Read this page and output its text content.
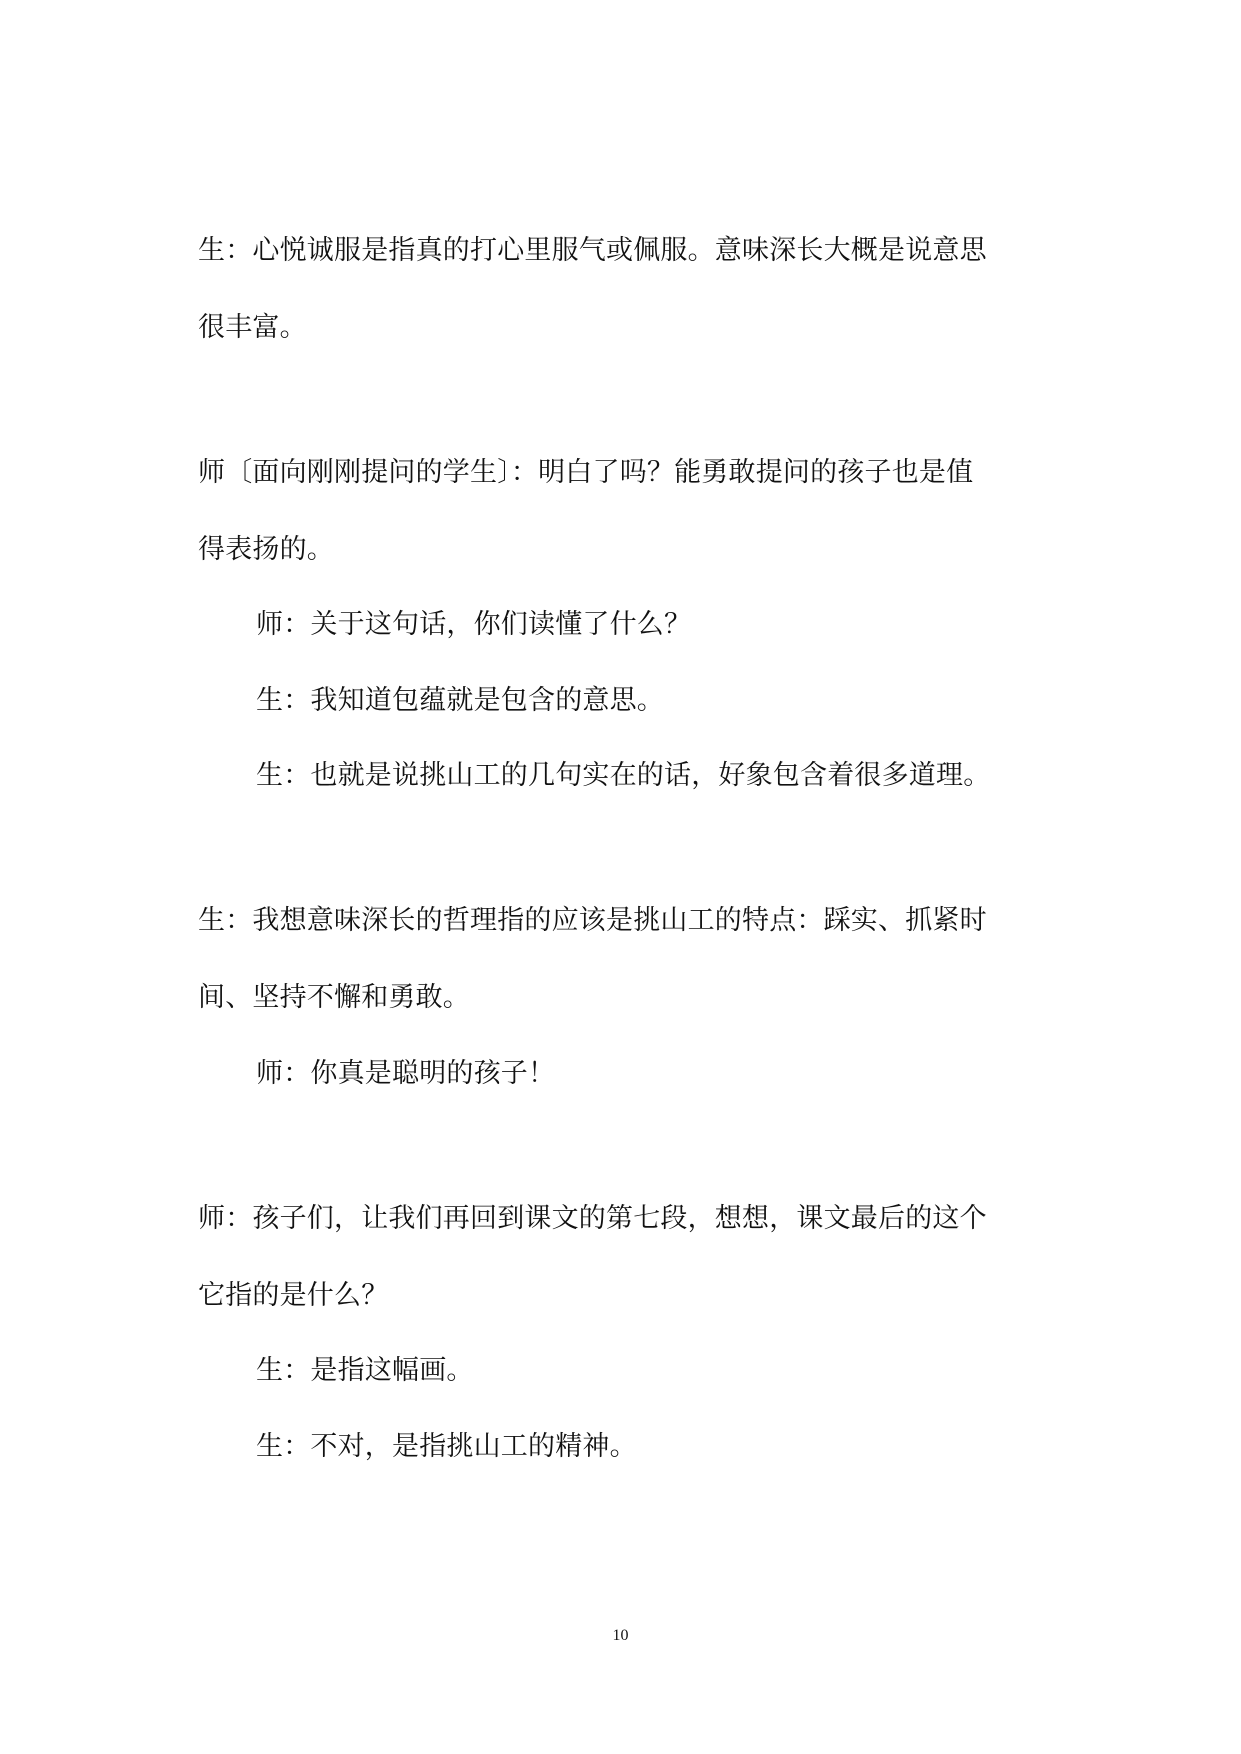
生：心悦诚服是指真的打心里服气或佩服。意味深长大概是说意思
很丰富。
师〔面向刚刚提问的学生〕：明白了吗？能勇敢提问的孩子也是值
得表扬的。
师：关于这句话，你们读懂了什么？
生：我知道包蕴就是包含的意思。
生：也就是说挑山工的几句实在的话，好象包含着很多道理。
生：我想意味深长的哲理指的应该是挑山工的特点：踩实、抓紧时
间、坚持不懈和勇敢。
师：你真是聪明的孩子！
师：孩子们，让我们再回到课文的第七段，想想，课文最后的这个
它指的是什么？
生：是指这幅画。
生：不对，是指挑山工的精神。
10
